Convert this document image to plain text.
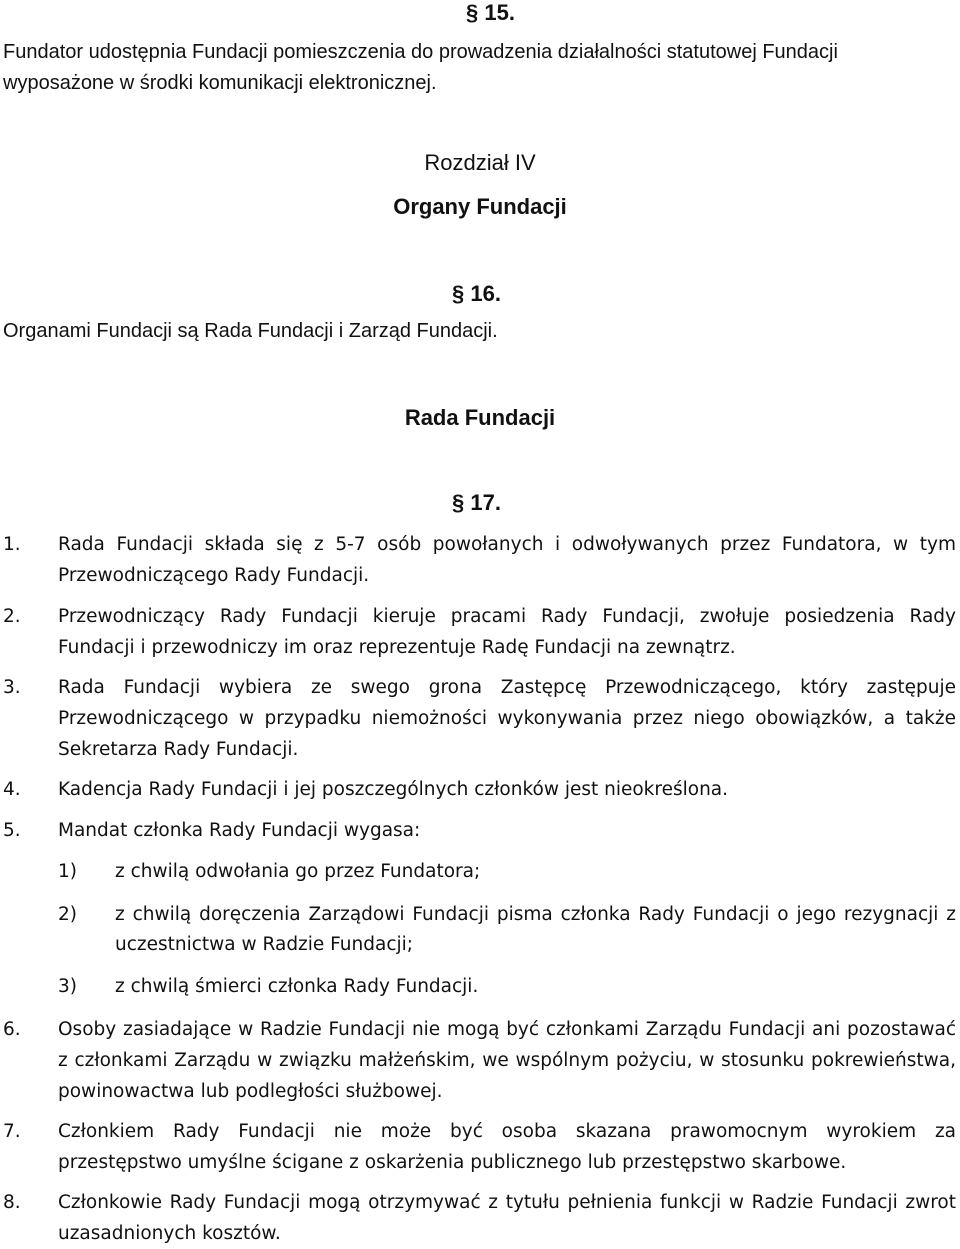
§ 15.
Fundator udostępnia Fundacji pomieszczenia do prowadzenia działalności statutowej Fundacji wyposażone w środki komunikacji elektronicznej.
Rozdział IV
Organy Fundacji
§ 16.
Organami Fundacji są Rada Fundacji i Zarząd Fundacji.
Rada Fundacji
§ 17.
1. Rada Fundacji składa się z 5-7 osób powołanych i odwoływanych przez Fundatora, w tym Przewodniczącego Rady Fundacji.
2. Przewodniczący Rady Fundacji kieruje pracami Rady Fundacji, zwołuje posiedzenia Rady Fundacji i przewodniczy im oraz reprezentuje Radę Fundacji na zewnątrz.
3. Rada Fundacji wybiera ze swego grona Zastępcę Przewodniczącego, który zastępuje Przewodniczącego w przypadku niemożności wykonywania przez niego obowiązków, a także Sekretarza Rady Fundacji.
4. Kadencja Rady Fundacji i jej poszczególnych członków jest nieokreślona.
5. Mandat członka Rady Fundacji wygasa:
1) z chwilą odwołania go przez Fundatora;
2) z chwilą doręczenia Zarządowi Fundacji pisma członka Rady Fundacji o jego rezygnacji z uczestnictwa w Radzie Fundacji;
3) z chwilą śmierci członka Rady Fundacji.
6. Osoby zasiadające w Radzie Fundacji nie mogą być członkami Zarządu Fundacji ani pozostawać z członkami Zarządu w związku małżeńskim, we wspólnym pożyciu, w stosunku pokrewieństwa, powinowactwa lub podległości służbowej.
7. Członkiem Rady Fundacji nie może być osoba skazana prawomocnym wyrokiem za przestępstwo umyślne ścigane z oskarżenia publicznego lub przestępstwo skarbowe.
8. Członkowie Rady Fundacji mogą otrzymywać z tytułu pełnienia funkcji w Radzie Fundacji zwrot uzasadnionych kosztów.
